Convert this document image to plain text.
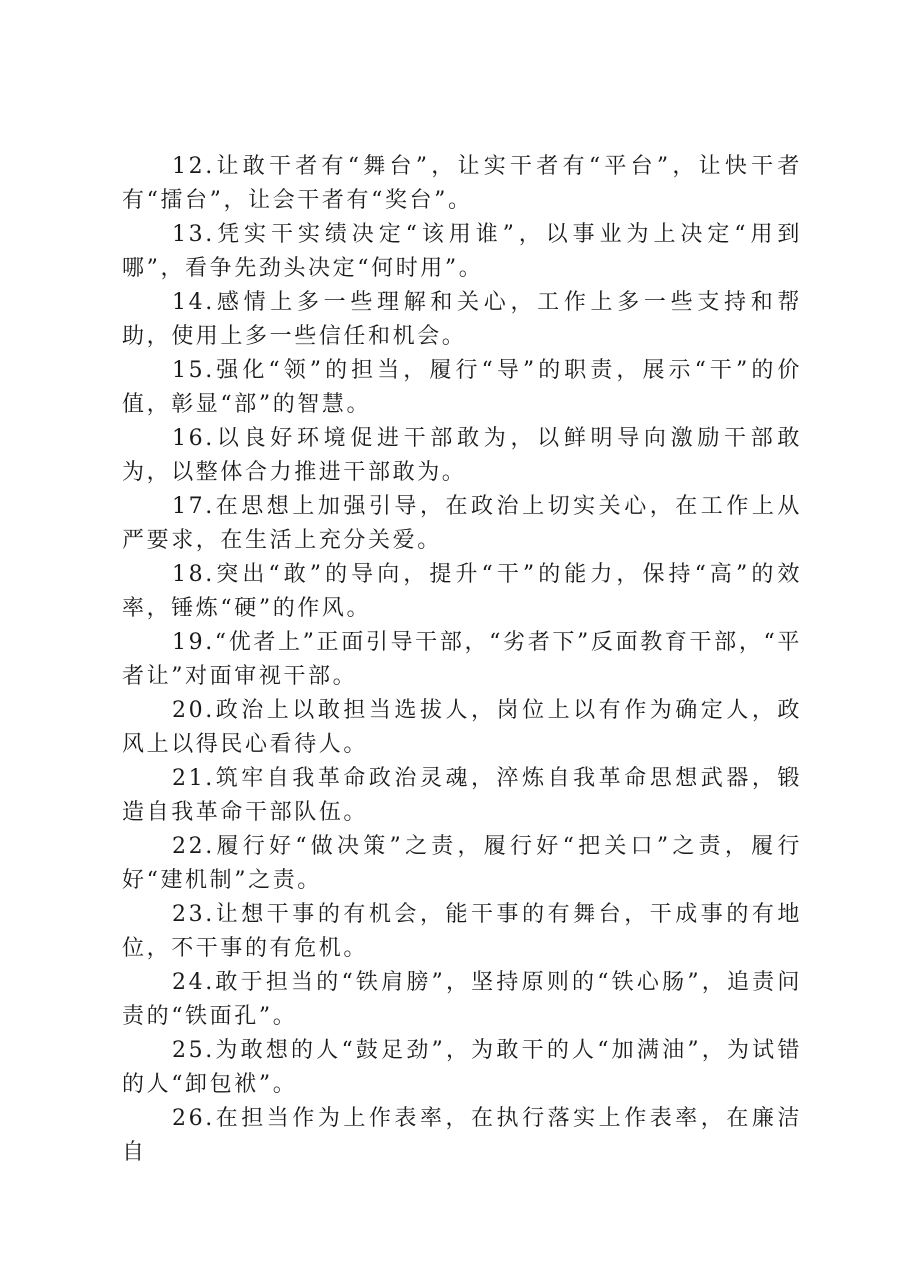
12.让敢干者有“舞台”，让实干者有“平台”，让快干者有“擂台”，让会干者有“奖台”。

13.凭实干实绩决定“该用谁”，以事业为上决定“用到哪”，看争先劲头决定“何时用”。

14.感情上多一些理解和关心，工作上多一些支持和帮助，使用上多一些信任和机会。

15.强化“领”的担当，履行“导”的职责，展示“干”的价值，彰显“部”的智慧。

16.以良好环境促进干部敢为，以鲜明导向激励干部敢为，以整体合力推进干部敢为。

17.在思想上加强引导，在政治上切实关心，在工作上从严要求，在生活上充分关爱。

18.突出“敢”的导向，提升“干”的能力，保持“高”的效率，锤炼“硬”的作风。

19.“优者上”正面引导干部，“劣者下”反面教育干部，“平者让”对面审视干部。

20.政治上以敢担当选拔人，岗位上以有作为确定人，政风上以得民心看待人。

21.筑牢自我革命政治灵魂，淬炼自我革命思想武器，锻造自我革命干部队伍。

22.履行好“做决策”之责，履行好“把关口”之责，履行好“建机制”之责。

23.让想干事的有机会，能干事的有舞台，干成事的有地位，不干事的有危机。

24.敢于担当的“铁肩膀”，坚持原则的“铁心肠”，追责问责的“铁面孔”。

25.为敢想的人“鼓足劲”，为敢干的人“加满油”，为试错的人“卸包袱”。

26.在担当作为上作表率，在执行落实上作表率，在廉洁自
